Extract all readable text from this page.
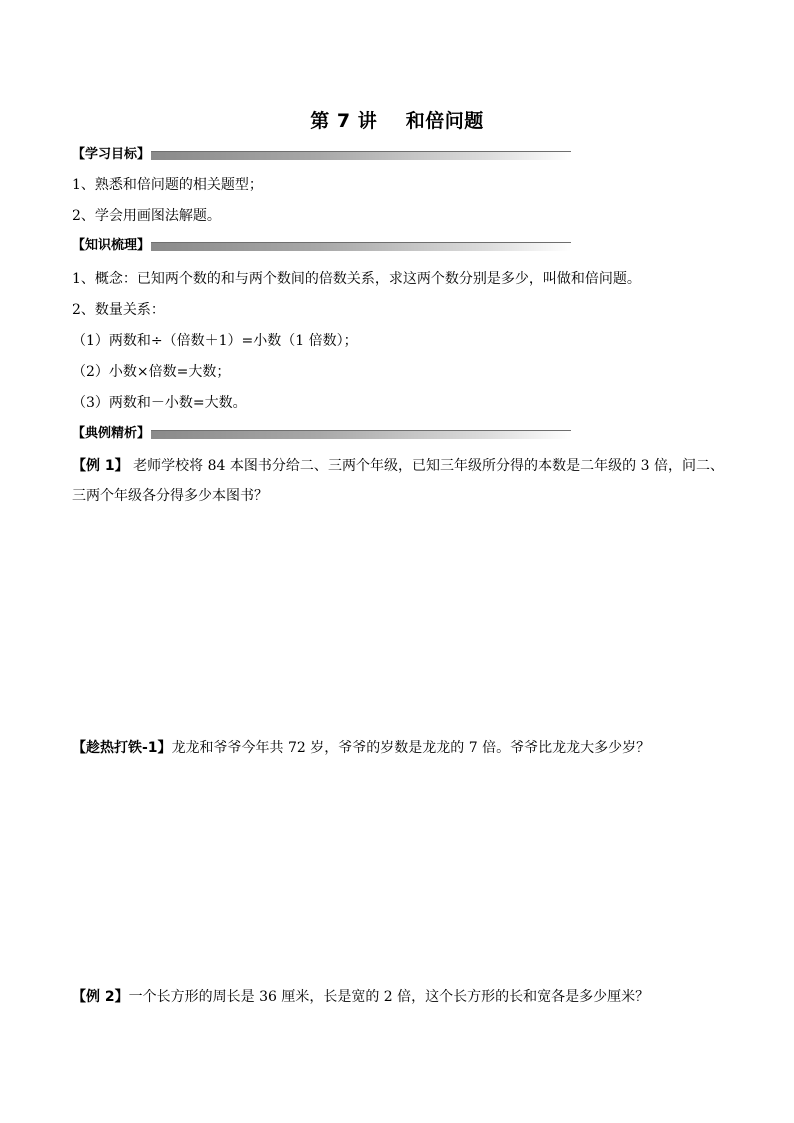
第 7 讲    和倍问题
【学习目标】
1、熟悉和倍问题的相关题型；
2、学会用画图法解题。
【知识梳理】
1、概念：已知两个数的和与两个数间的倍数关系，求这两个数分别是多少，叫做和倍问题。
2、数量关系：
（1）两数和÷（倍数＋1）=小数（1 倍数）；
（2）小数×倍数=大数；
（3）两数和－小数=大数。
【典例精析】
【例 1】 老师学校将 84 本图书分给二、三两个年级，已知三年级所分得的本数是二年级的 3 倍，问二、三两个年级各分得多少本图书？
【趁热打铁-1】龙龙和爷爷今年共 72 岁，爷爷的岁数是龙龙的 7 倍。爷爷比龙龙大多少岁？
【例 2】一个长方形的周长是 36 厘米，长是宽的 2 倍，这个长方形的长和宽各是多少厘米？
